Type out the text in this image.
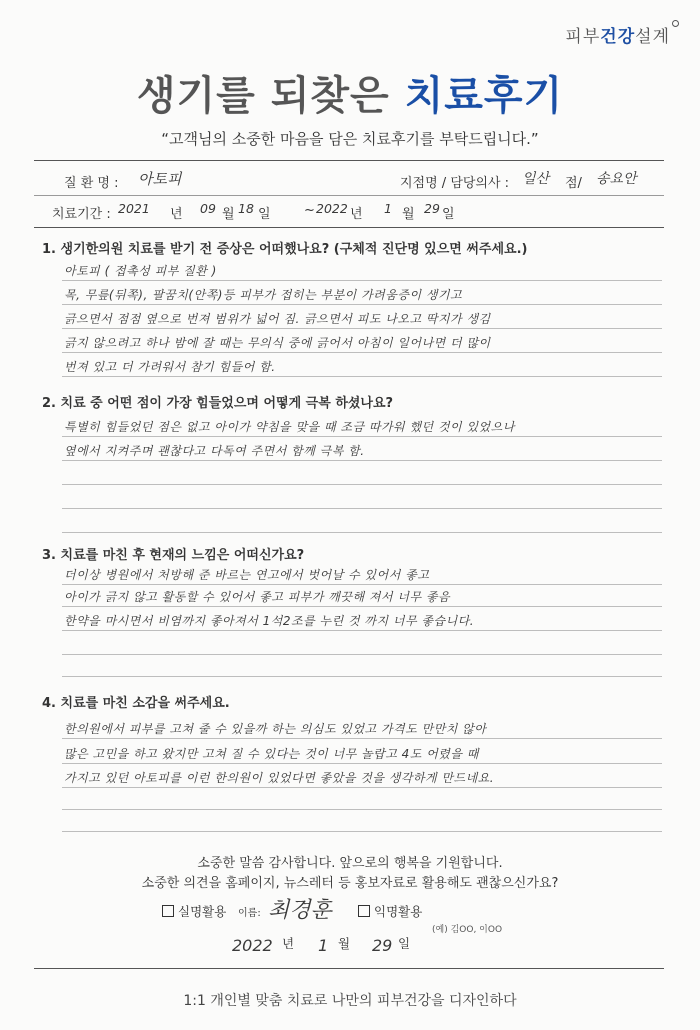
피부건강설계
생기를 되찾은 치료후기
“고객님의 소중한 마음을 담은 치료후기를 부탁드립니다.”
질 환 명 : 아토피	지점명 / 담당의사 : 일산 점/ 송요안
치료기간 : 2021 년 09 월 18 일	~ 2022 년 1 월 29 일
1. 생기한의원 치료를 받기 전 증상은 어떠했나요? (구체적 진단명 있으면 써주세요.)
아토피 ( 접촉성 피부 질환 )
목, 무릎(뒤쪽), 팔꿈치(안쪽)등 피부가 접히는 부분이 가려움증이 생기고
긁으면서 점점 옆으로 번져 범위가 넓어 짐. 긁으면서 피도 나오고 딱지가 생김
긁지 않으려고 하나 밤에 잘 때는 무의식 중에 긁어서 아침이 일어나면 더 많이
번져 있고 더 가려워서 참기 힘들어 함.
2. 치료 중 어떤 점이 가장 힘들었으며 어떻게 극복 하셨나요?
특별히 힘들었던 점은 없고 아이가 약침을 맞을 때 조금 따가워 했던 것이 있었으나
옆에서 지켜주며 괜찮다고 다독여 주면서 함께 극복 함.
3. 치료를 마친 후 현재의 느낌은 어떠신가요?
더이상 병원에서 처방해 준 바르는 연고에서 벗어날 수 있어서 좋고
아이가 긁지 않고 활동할 수 있어서 좋고 피부가 깨끗해 져서 너무 좋음
한약을 마시면서 비염까지 좋아져서 1석2조를 누린 것 까지 너무 좋습니다.
4. 치료를 마친 소감을 써주세요.
한의원에서 피부를 고쳐 줄 수 있을까 하는 의심도 있었고 가격도 만만치 않아
많은 고민을 하고 왔지만 고쳐 질 수 있다는 것이 너무 놀랍고 4도 어렸을 때
가지고 있던 아토피를 이런 한의원이 있었다면 좋았을 것을 생각하게 만드네요.
소중한 말씀 감사합니다. 앞으로의 행복을 기원합니다.
소중한 의견을 홈페이지, 뉴스레터 등 홍보자료로 활용해도 괜찮으신가요?
실명활용 이름: 최경훈	익명활용
(예) 김OO, 이OO
2022 년 1 월 29 일
1:1 개인별 맞춤 치료로 나만의 피부건강을 디자인하다
